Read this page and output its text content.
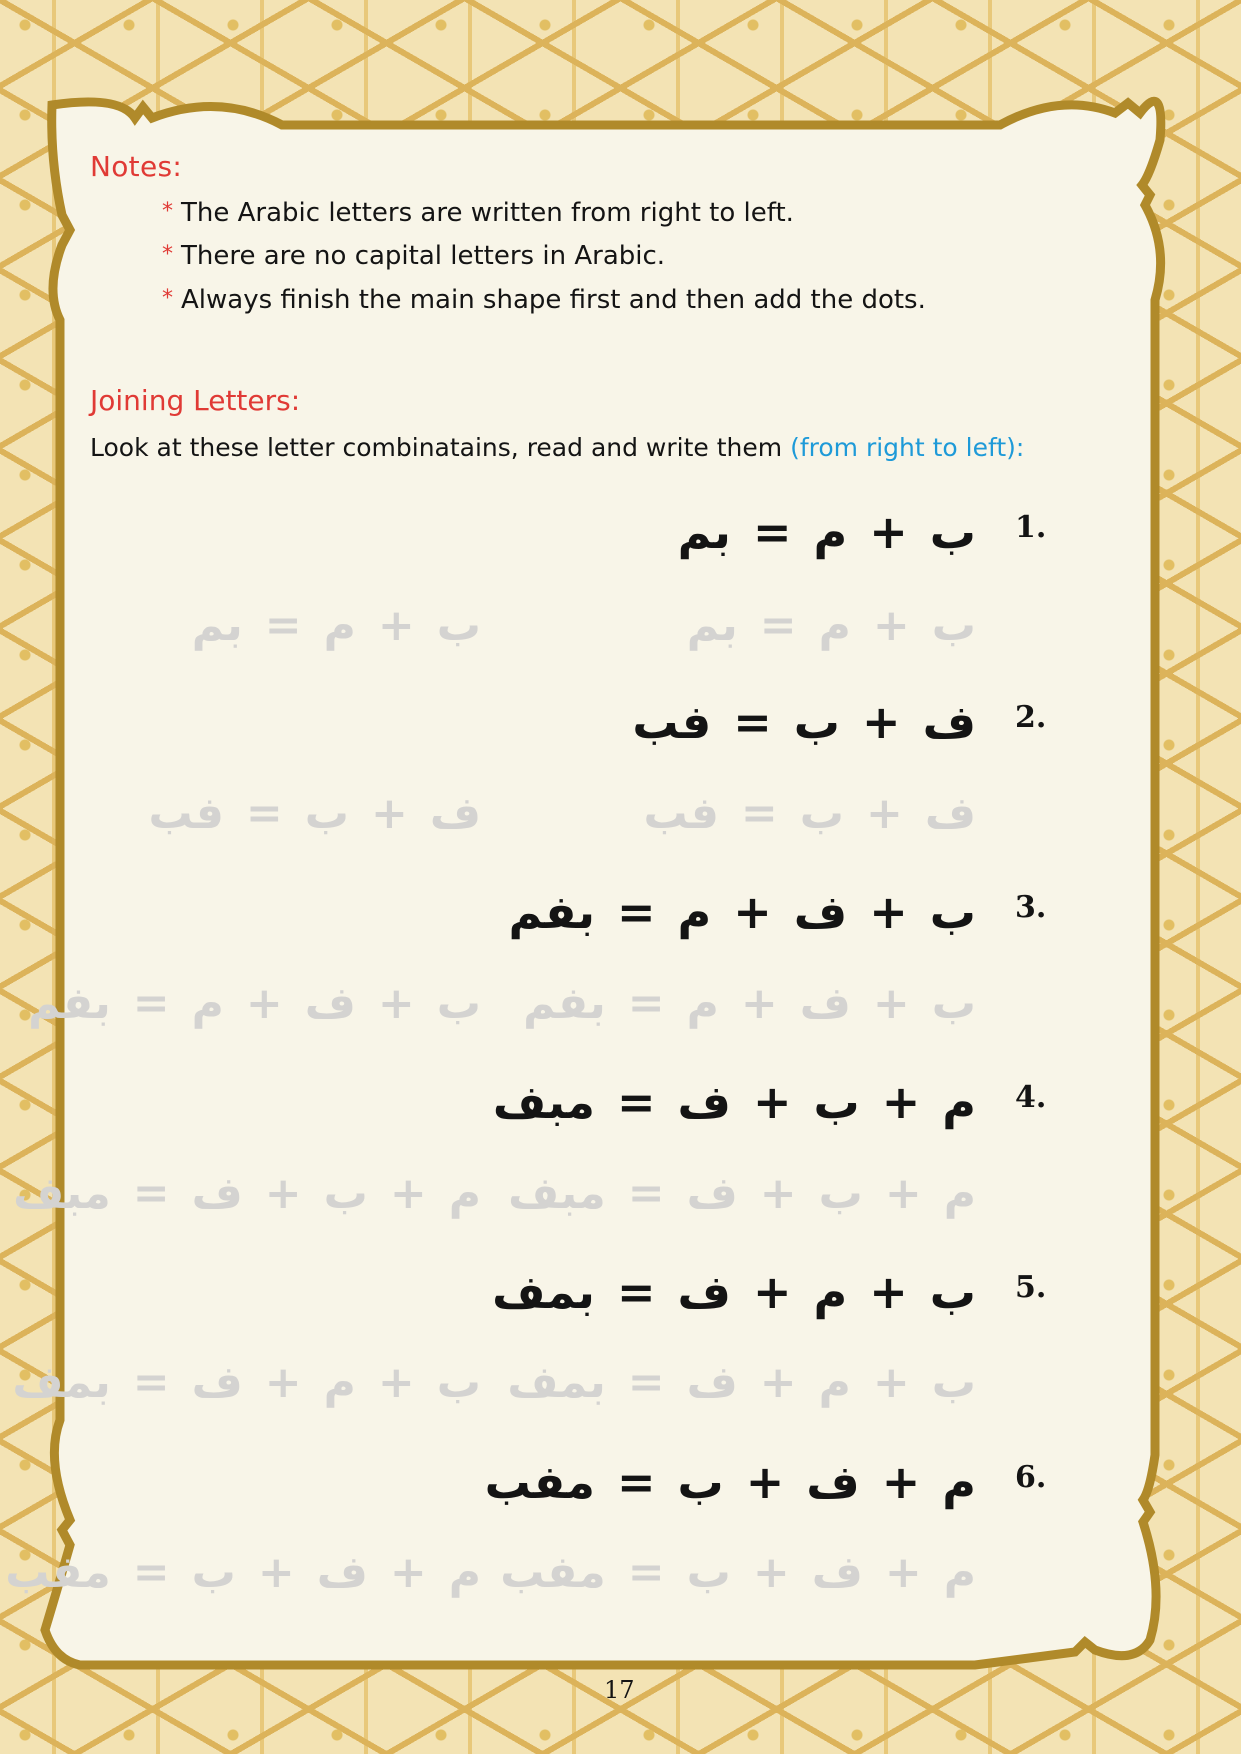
Notes:
* The Arabic letters are written from right to left.
* There are no capital letters in Arabic.
* Always finish the main shape first and then add the dots.
Joining Letters:
Look at these letter combinatains, read and write them (from right to left):
1.
ب+م=بم
ب+م=بم
ب+م=بم
2.
ف+ب=فب
ف+ب=فب
ف+ب=فب
3.
ب+ف+م=بفم
ب+ف+م=بفم
ب+ف+م=بفم
4.
م+ب+ف=مبف
م+ب+ف=مبف
م+ب+ف=مبف
5.
ب+م+ف=بمف
ب+م+ف=بمف
ب+م+ف=بمف
6.
م+ف+ب=مفب
م+ف+ب=مفب
م+ف+ب=مفب
17
